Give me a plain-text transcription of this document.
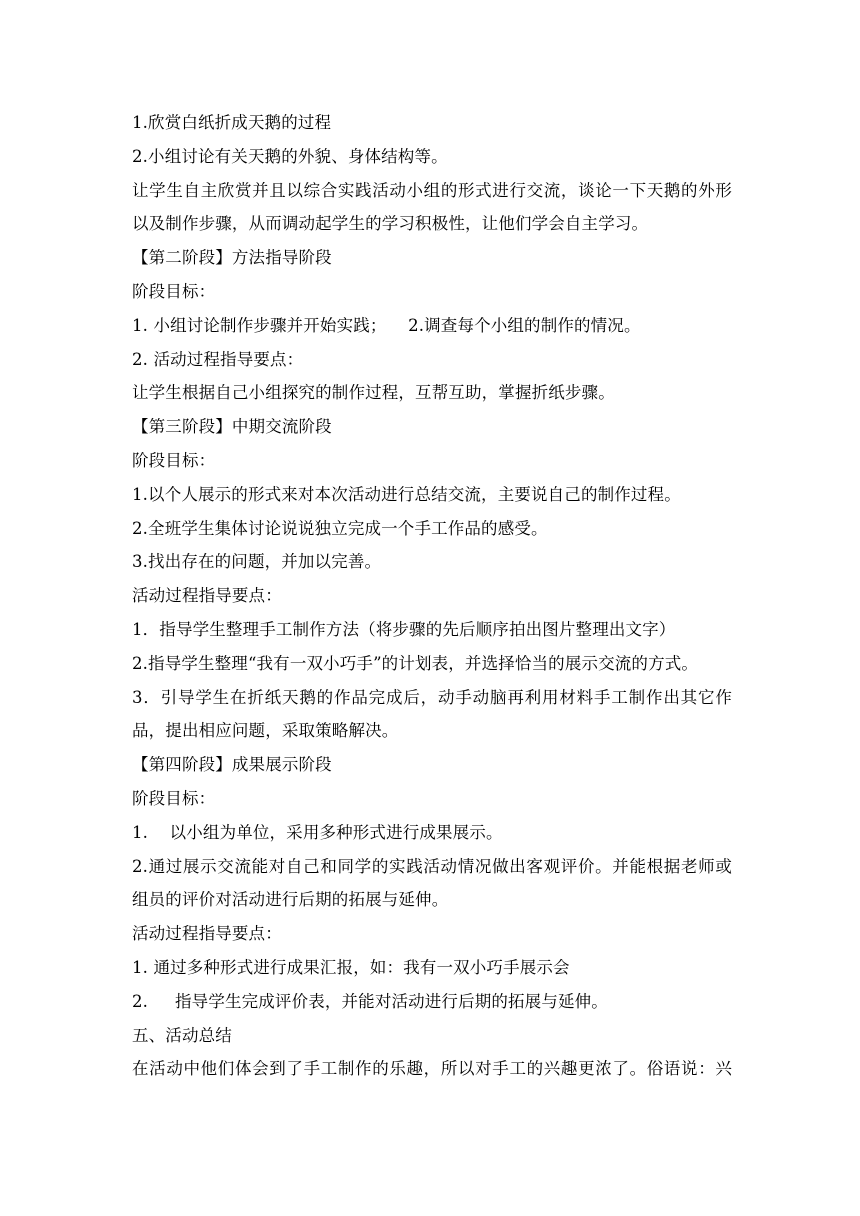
1.欣赏白纸折成天鹅的过程
2.小组讨论有关天鹅的外貌、身体结构等。
让学生自主欣赏并且以综合实践活动小组的形式进行交流，谈论一下天鹅的外形
以及制作步骤，从而调动起学生的学习积极性，让他们学会自主学习。
【第二阶段】方法指导阶段
阶段目标：
1. 小组讨论制作步骤并开始实践；    2.调查每个小组的制作的情况。
2. 活动过程指导要点：
让学生根据自己小组探究的制作过程，互帮互助，掌握折纸步骤。
【第三阶段】中期交流阶段
阶段目标：
1.以个人展示的形式来对本次活动进行总结交流，主要说自己的制作过程。
2.全班学生集体讨论说说独立完成一个手工作品的感受。
3.找出存在的问题，并加以完善。
活动过程指导要点：
1．指导学生整理手工制作方法（将步骤的先后顺序拍出图片整理出文字）
2.指导学生整理“我有一双小巧手”的计划表，并选择恰当的展示交流的方式。
3．引导学生在折纸天鹅的作品完成后，动手动脑再利用材料手工制作出其它作
品，提出相应问题，采取策略解决。
【第四阶段】成果展示阶段
阶段目标：
1.    以小组为单位，采用多种形式进行成果展示。
2.通过展示交流能对自己和同学的实践活动情况做出客观评价。并能根据老师或
组员的评价对活动进行后期的拓展与延伸。
活动过程指导要点：
1. 通过多种形式进行成果汇报，如：我有一双小巧手展示会
2.     指导学生完成评价表，并能对活动进行后期的拓展与延伸。
五、活动总结
在活动中他们体会到了手工制作的乐趣，所以对手工的兴趣更浓了。俗语说：兴
